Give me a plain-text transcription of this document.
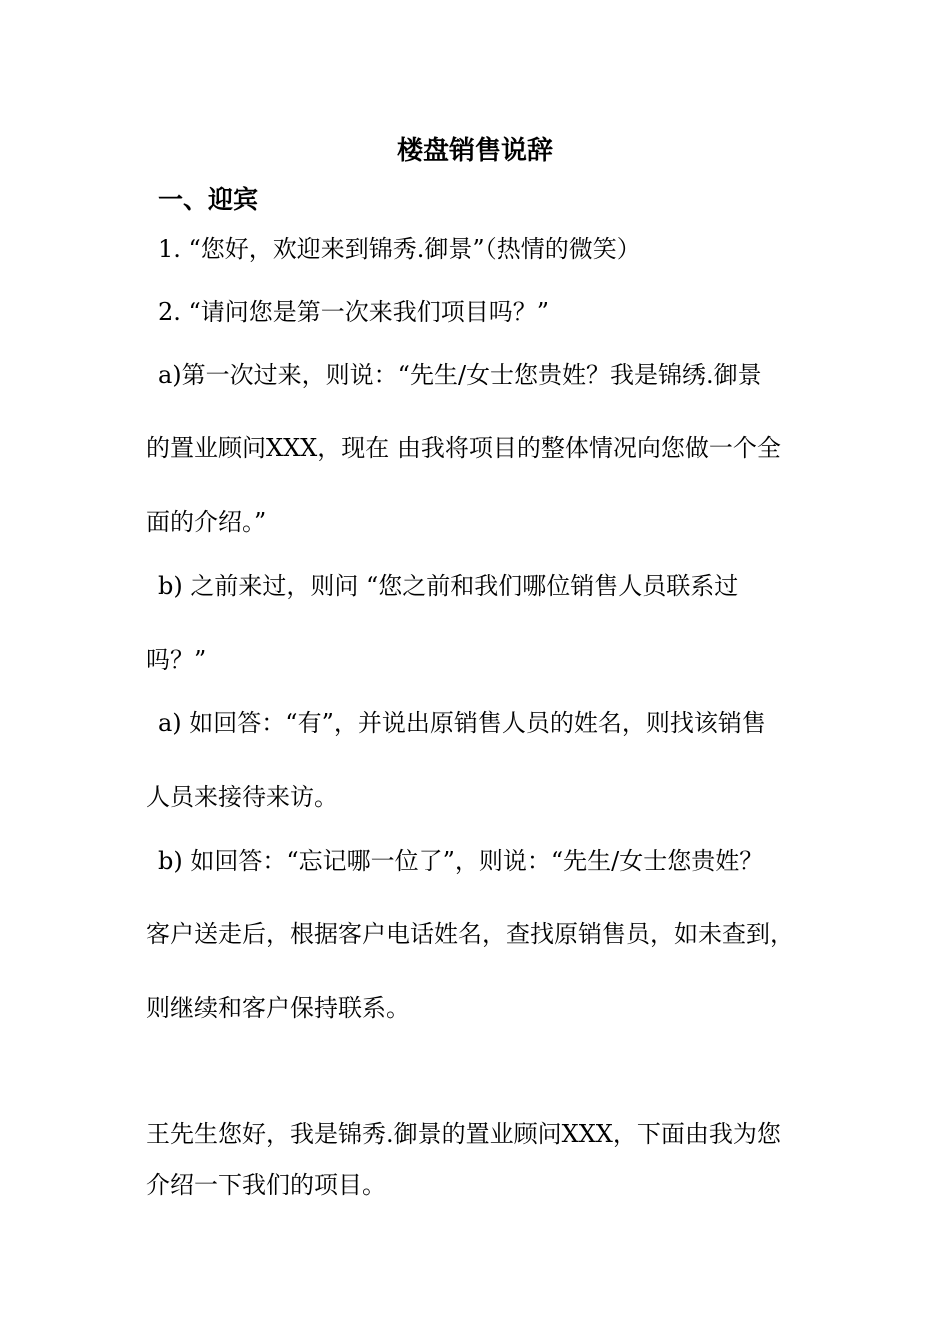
楼盘销售说辞
一、迎宾
1. “您好，欢迎来到锦秀.御景”（热情的微笑）
2. “请问您是第一次来我们项目吗？”
a)第一次过来，则说：“先生/女士您贵姓？我是锦绣.御景
的置业顾问XXX，现在 由我将项目的整体情况向您做一个全
面的介绍。”
b) 之前来过，则问 “您之前和我们哪位销售人员联系过
吗？”
a) 如回答：“有”，并说出原销售人员的姓名，则找该销售
人员来接待来访。
b) 如回答：“忘记哪一位了”，则说：“先生/女士您贵姓？
客户送走后，根据客户电话姓名，查找原销售员，如未查到，
则继续和客户保持联系。
王先生您好，我是锦秀.御景的置业顾问XXX，下面由我为您
介绍一下我们的项目。
